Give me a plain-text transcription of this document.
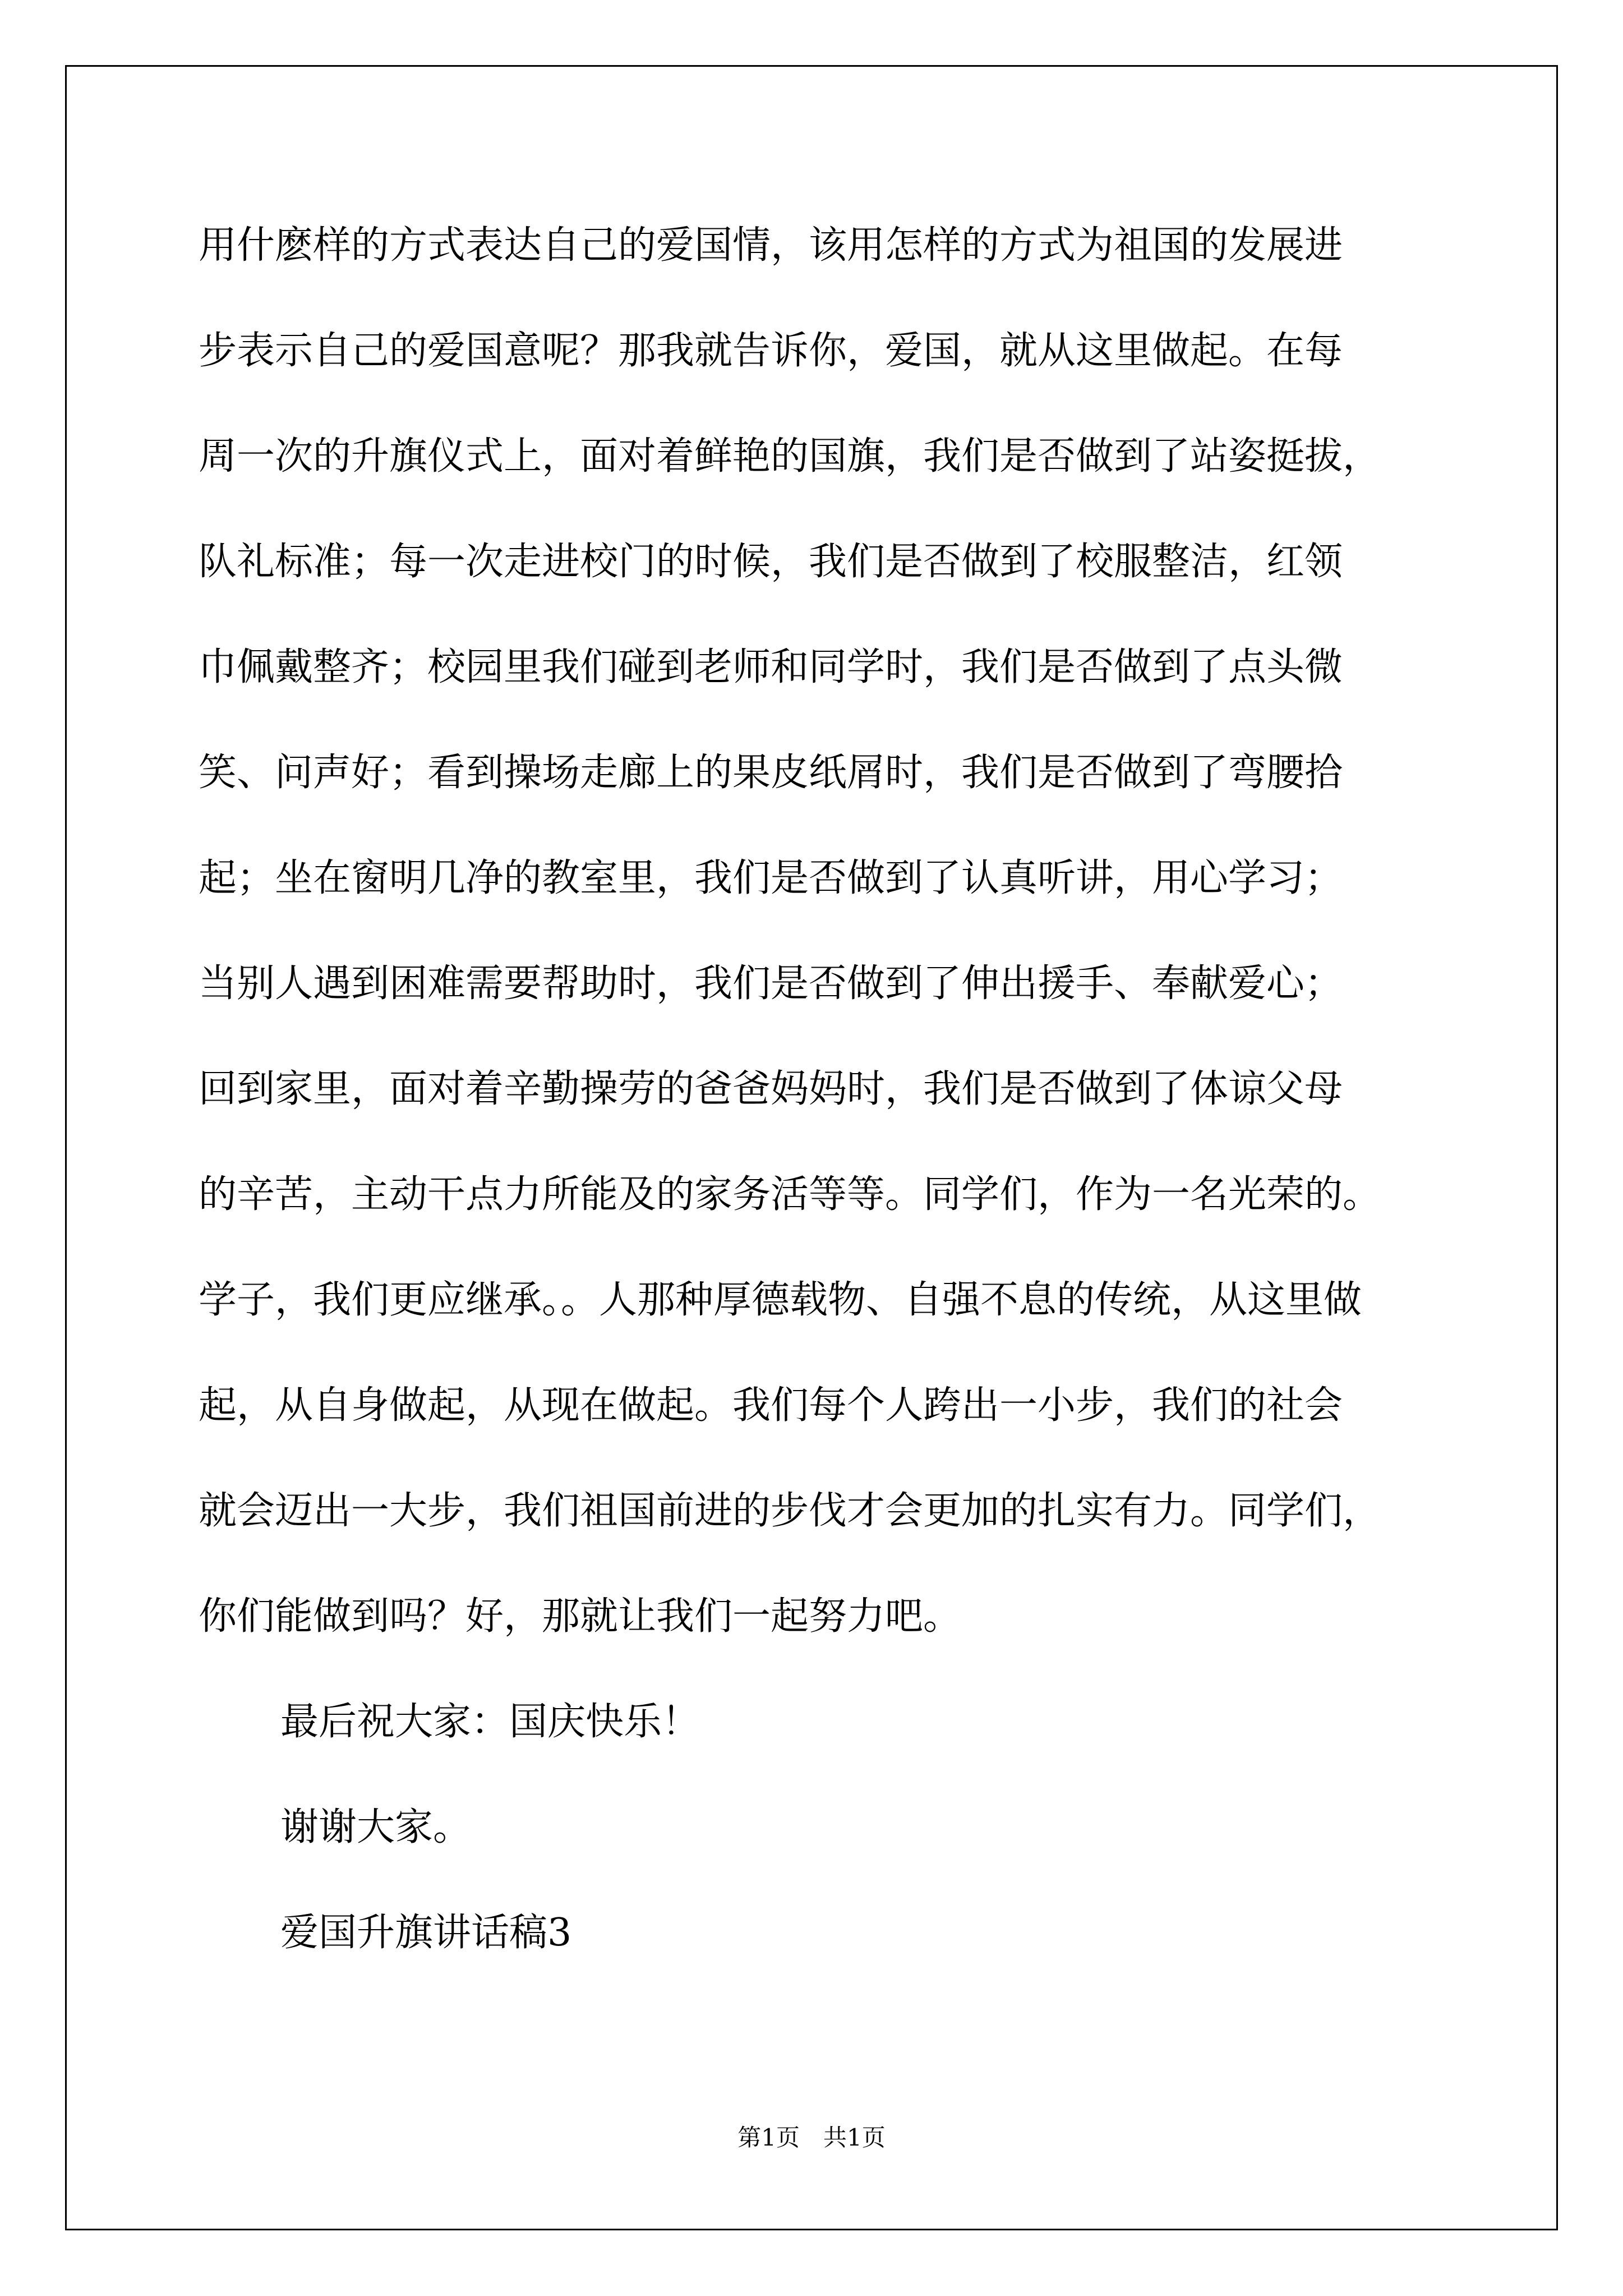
用什麽样的方式表达自己的爱国情，该用怎样的方式为祖国的发展进
步表示自己的爱国意呢？那我就告诉你，爱国，就从这里做起。在每
周一次的升旗仪式上，面对着鲜艳的国旗，我们是否做到了站姿挺拔，
队礼标准；每一次走进校门的时候，我们是否做到了校服整洁，红领
巾佩戴整齐；校园里我们碰到老师和同学时，我们是否做到了点头微
笑、问声好；看到操场走廊上的果皮纸屑时，我们是否做到了弯腰拾
起；坐在窗明几净的教室里，我们是否做到了认真听讲，用心学习；
当别人遇到困难需要帮助时，我们是否做到了伸出援手、奉献爱心；
回到家里，面对着辛勤操劳的爸爸妈妈时，我们是否做到了体谅父母
的辛苦，主动干点力所能及的家务活等等。同学们，作为一名光荣的。
学子，我们更应继承。。人那种厚德载物、自强不息的传统，从这里做
起，从自身做起，从现在做起。我们每个人跨出一小步，我们的社会
就会迈出一大步，我们祖国前进的步伐才会更加的扎实有力。同学们，
你们能做到吗？好，那就让我们一起努力吧。
最后祝大家：国庆快乐！
谢谢大家。
爱国升旗讲话稿3
第1页　共1页
